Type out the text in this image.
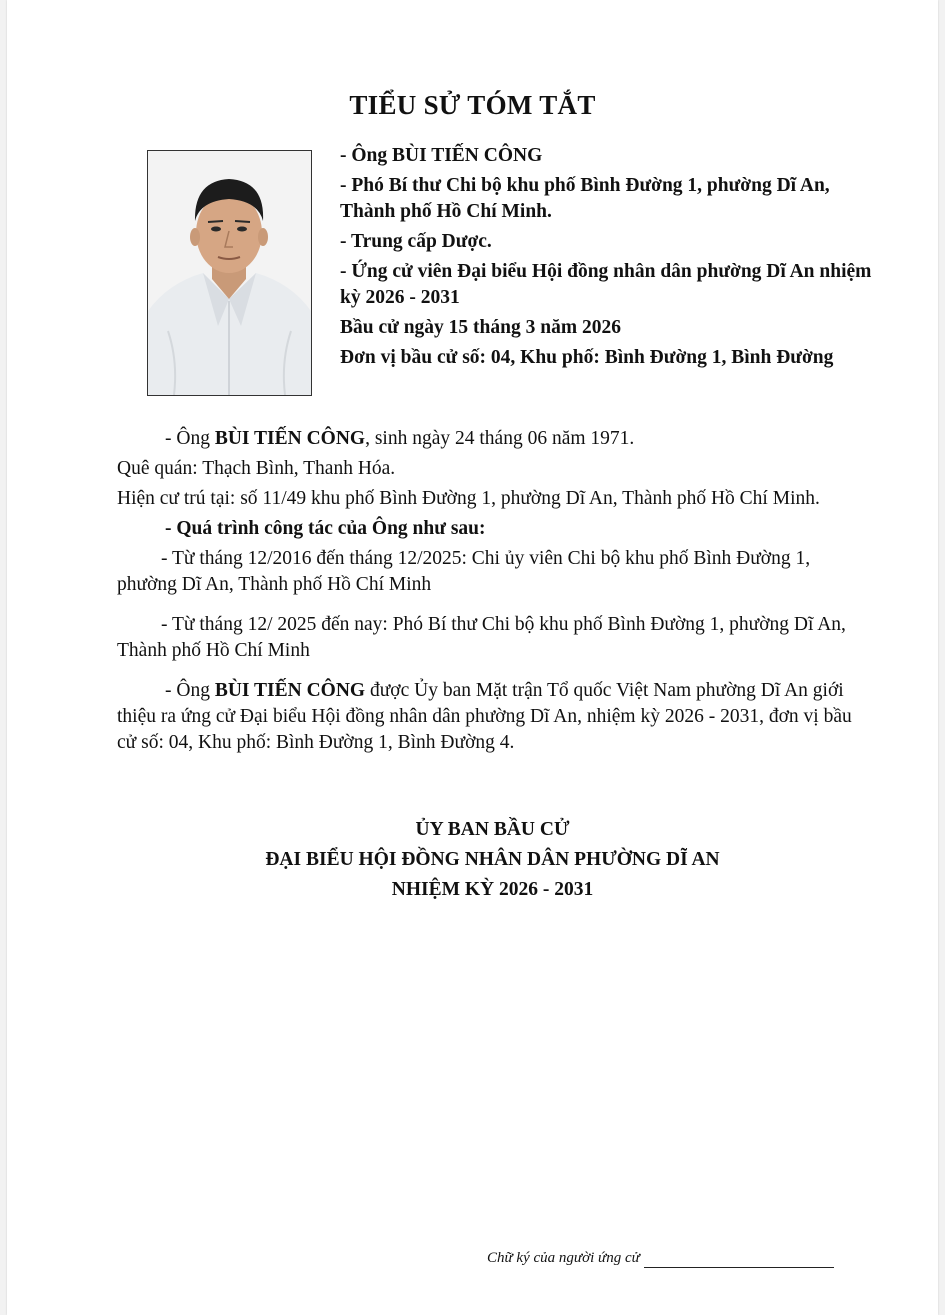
TIỂU SỬ TÓM TẮT

- Ông BÙI TIẾN CÔNG

- Phó Bí thư Chi bộ khu phố Bình Đường 1, phường Dĩ An, Thành phố Hồ Chí Minh.

- Trung cấp Dược.

- Ứng cử viên Đại biểu Hội đồng nhân dân phường Dĩ An nhiệm kỳ 2026 - 2031

Bầu cử ngày 15 tháng 3 năm 2026

Đơn vị bầu cử số: 04, Khu phố: Bình Đường 1, Bình Đường

- Ông BÙI TIẾN CÔNG, sinh ngày 24 tháng 06 năm 1971.

Quê quán: Thạch Bình, Thanh Hóa.

Hiện cư trú tại: số 11/49 khu phố Bình Đường 1, phường Dĩ An, Thành phố Hồ Chí Minh.

- Quá trình công tác của Ông như sau:

- Từ tháng 12/2016 đến tháng 12/2025: Chi ủy viên Chi bộ khu phố Bình Đường 1, phường Dĩ An, Thành phố Hồ Chí Minh

- Từ tháng 12/ 2025 đến nay: Phó Bí thư Chi bộ khu phố Bình Đường 1, phường Dĩ An, Thành phố Hồ Chí Minh

- Ông BÙI TIẾN CÔNG được Ủy ban Mặt trận Tổ quốc Việt Nam phường Dĩ An giới thiệu ra ứng cử Đại biểu Hội đồng nhân dân phường Dĩ An, nhiệm kỳ 2026 - 2031, đơn vị bầu cử số: 04, Khu phố: Bình Đường 1, Bình Đường 4.

ỦY BAN BẦU CỬ
ĐẠI BIỂU HỘI ĐỒNG NHÂN DÂN PHƯỜNG DĨ AN
NHIỆM KỲ 2026 - 2031
Chữ ký của người ứng cử
